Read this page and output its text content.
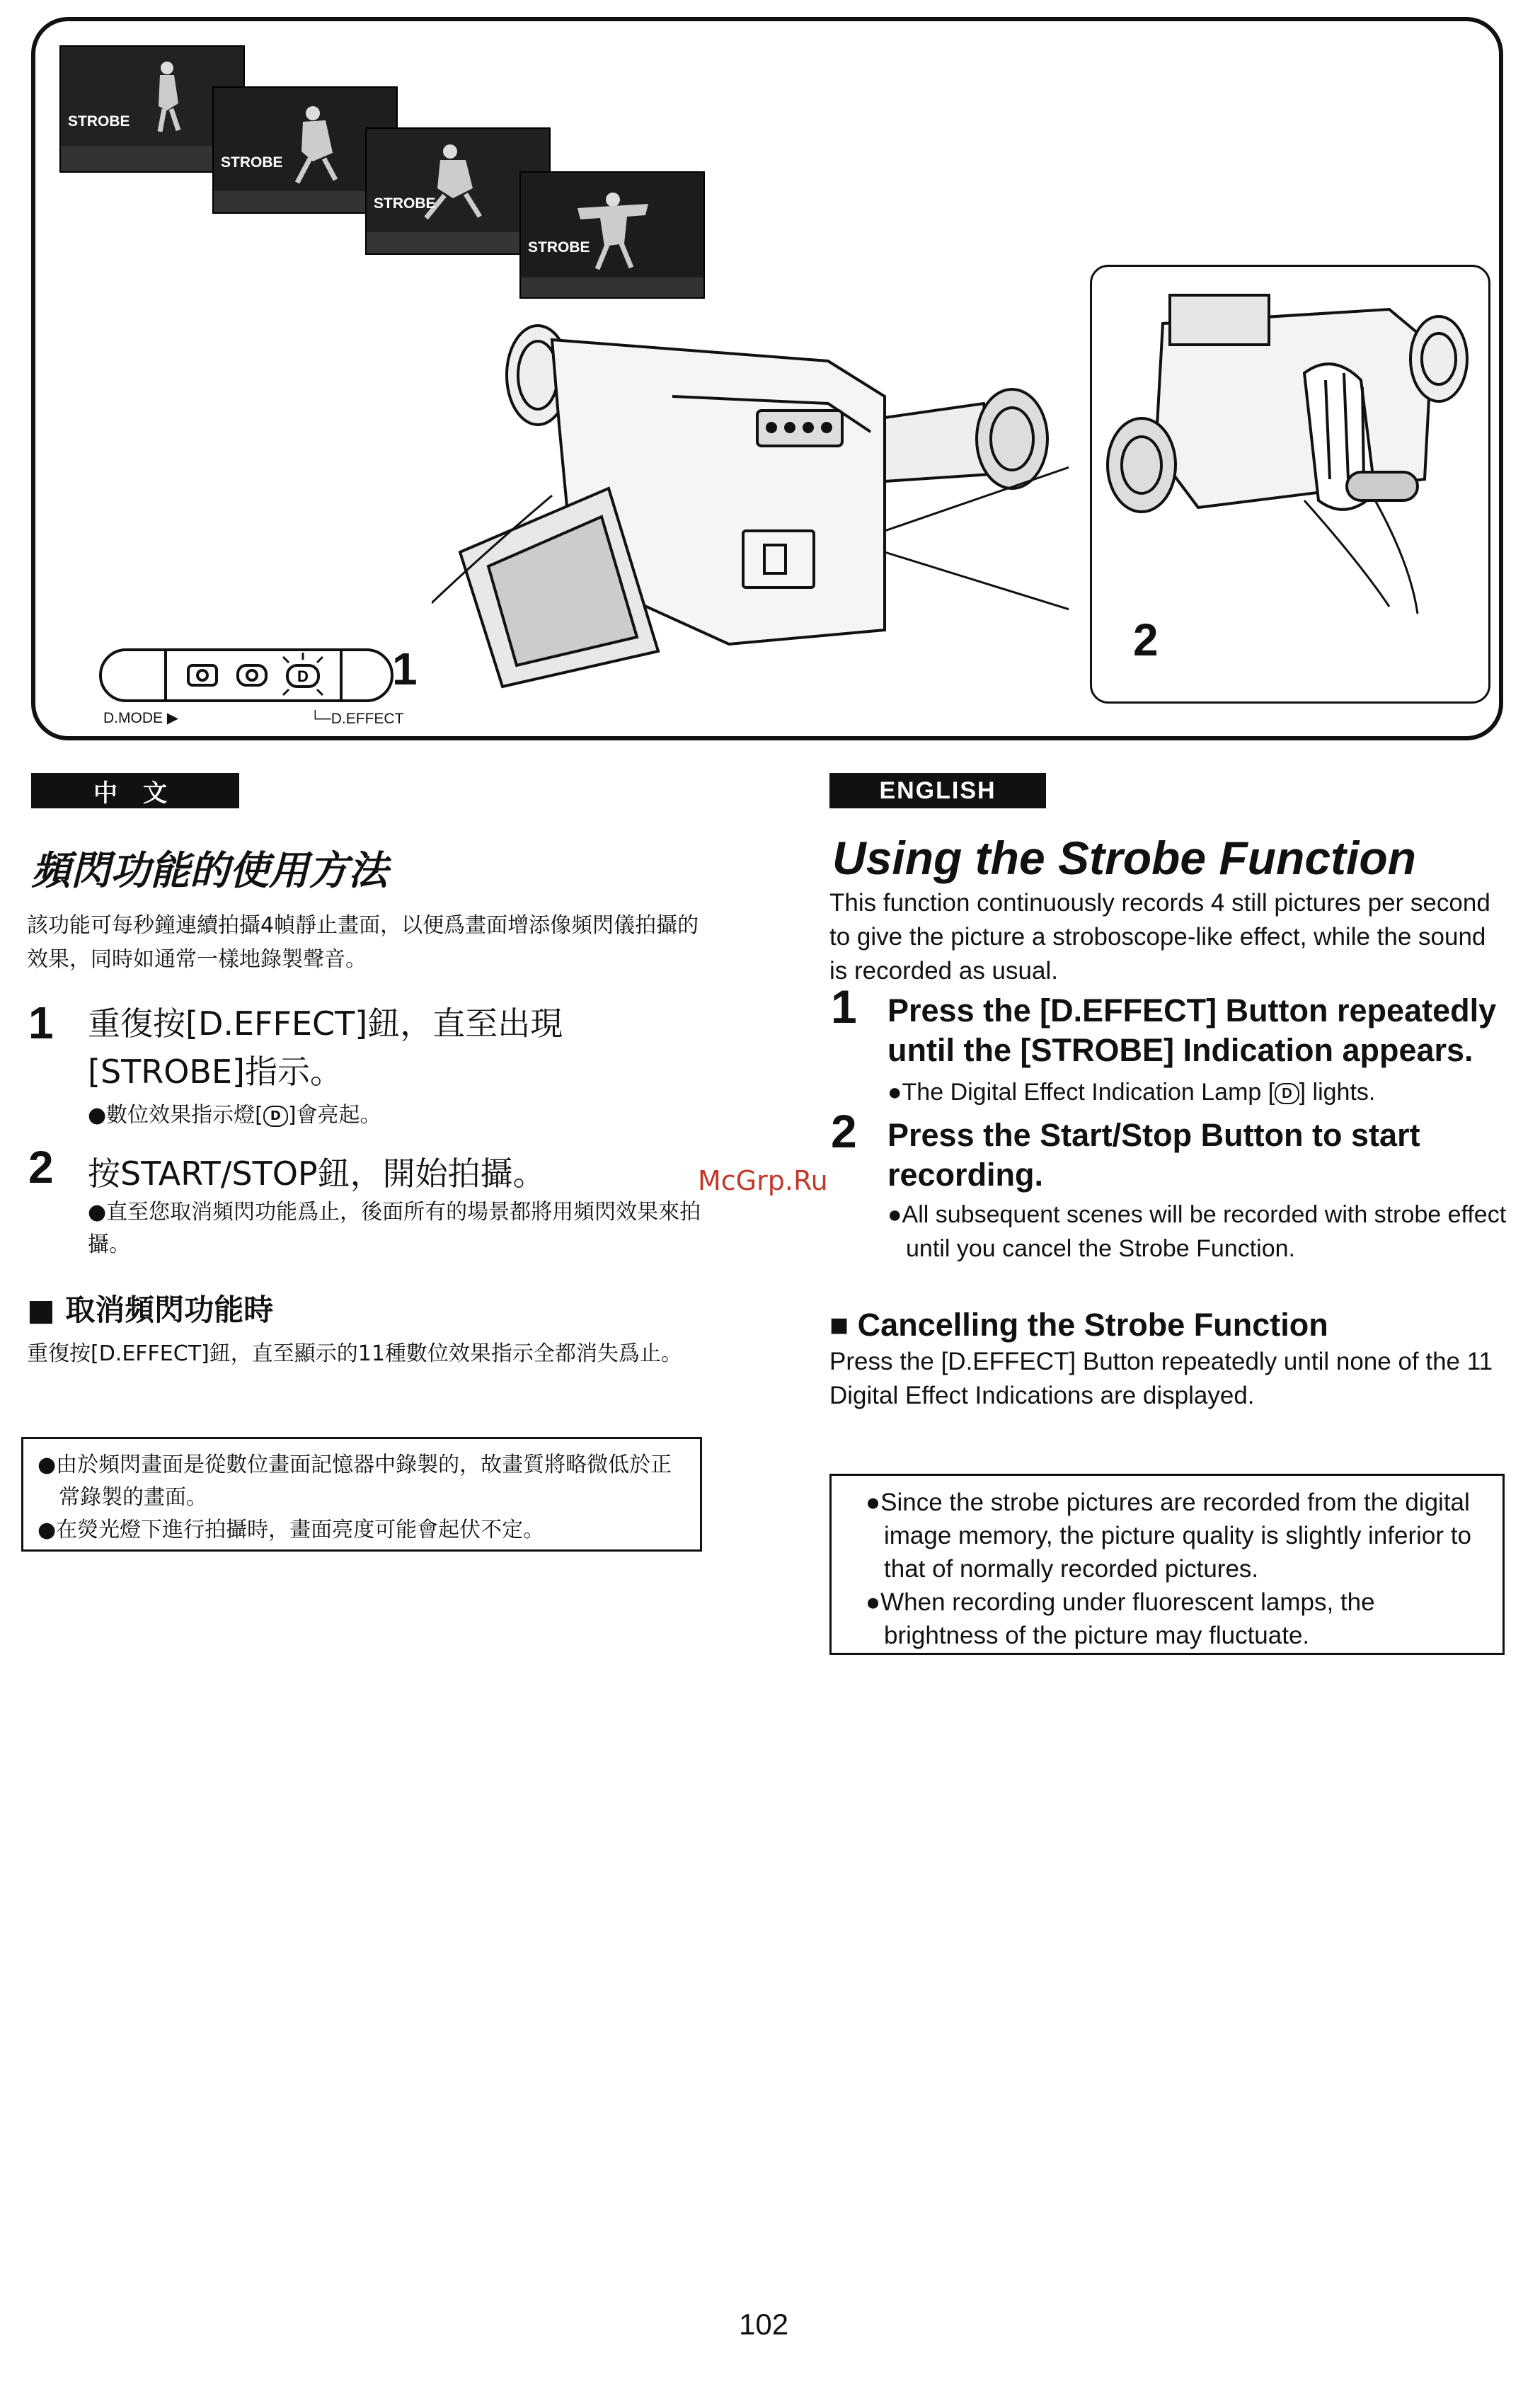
STROBE
STROBE
STROBE
STROBE
D 1
D.MODE ▶	└─D.EFFECT
2
中文
頻閃功能的使用方法
該功能可每秒鐘連續拍攝4幀靜止畫面，以便爲畫面增添像頻閃儀拍攝的效果，同時如通常一樣地錄製聲音。
1 重復按[D.EFFECT]鈕，直至出現[STROBE]指示。
●數位效果指示燈[ D ]會亮起。
2 按START/STOP鈕，開始拍攝。
●直至您取消頻閃功能爲止，後面所有的場景都將用頻閃效果來拍攝。
■ 取消頻閃功能時
重復按[D.EFFECT]鈕，直至顯示的11種數位效果指示全都消失爲止。

●由於頻閃畫面是從數位畫面記憶器中錄製的，故畫質將略微低於正常錄製的畫面。

●在熒光燈下進行拍攝時，畫面亮度可能會起伏不定。

ENGLISH
Using the Strobe Function
This function continuously records 4 still pictures per second to give the picture a stroboscope-like effect, while the sound is recorded as usual.
1 Press the [D.EFFECT] Button repeatedly until the [STROBE] Indication appears.
●The Digital Effect Indication Lamp [ D ] lights.
2 Press the Start/Stop Button to start recording.
●All subsequent scenes will be recorded with strobe effect until you cancel the Strobe Function.
■ Cancelling the Strobe Function
Press the [D.EFFECT] Button repeatedly until none of the 11 Digital Effect Indications are displayed.

●Since the strobe pictures are recorded from the digital image memory, the picture quality is slightly inferior to that of normally recorded pictures.

●When recording under fluorescent lamps, the brightness of the picture may fluctuate.

McGrp.Ru
102
